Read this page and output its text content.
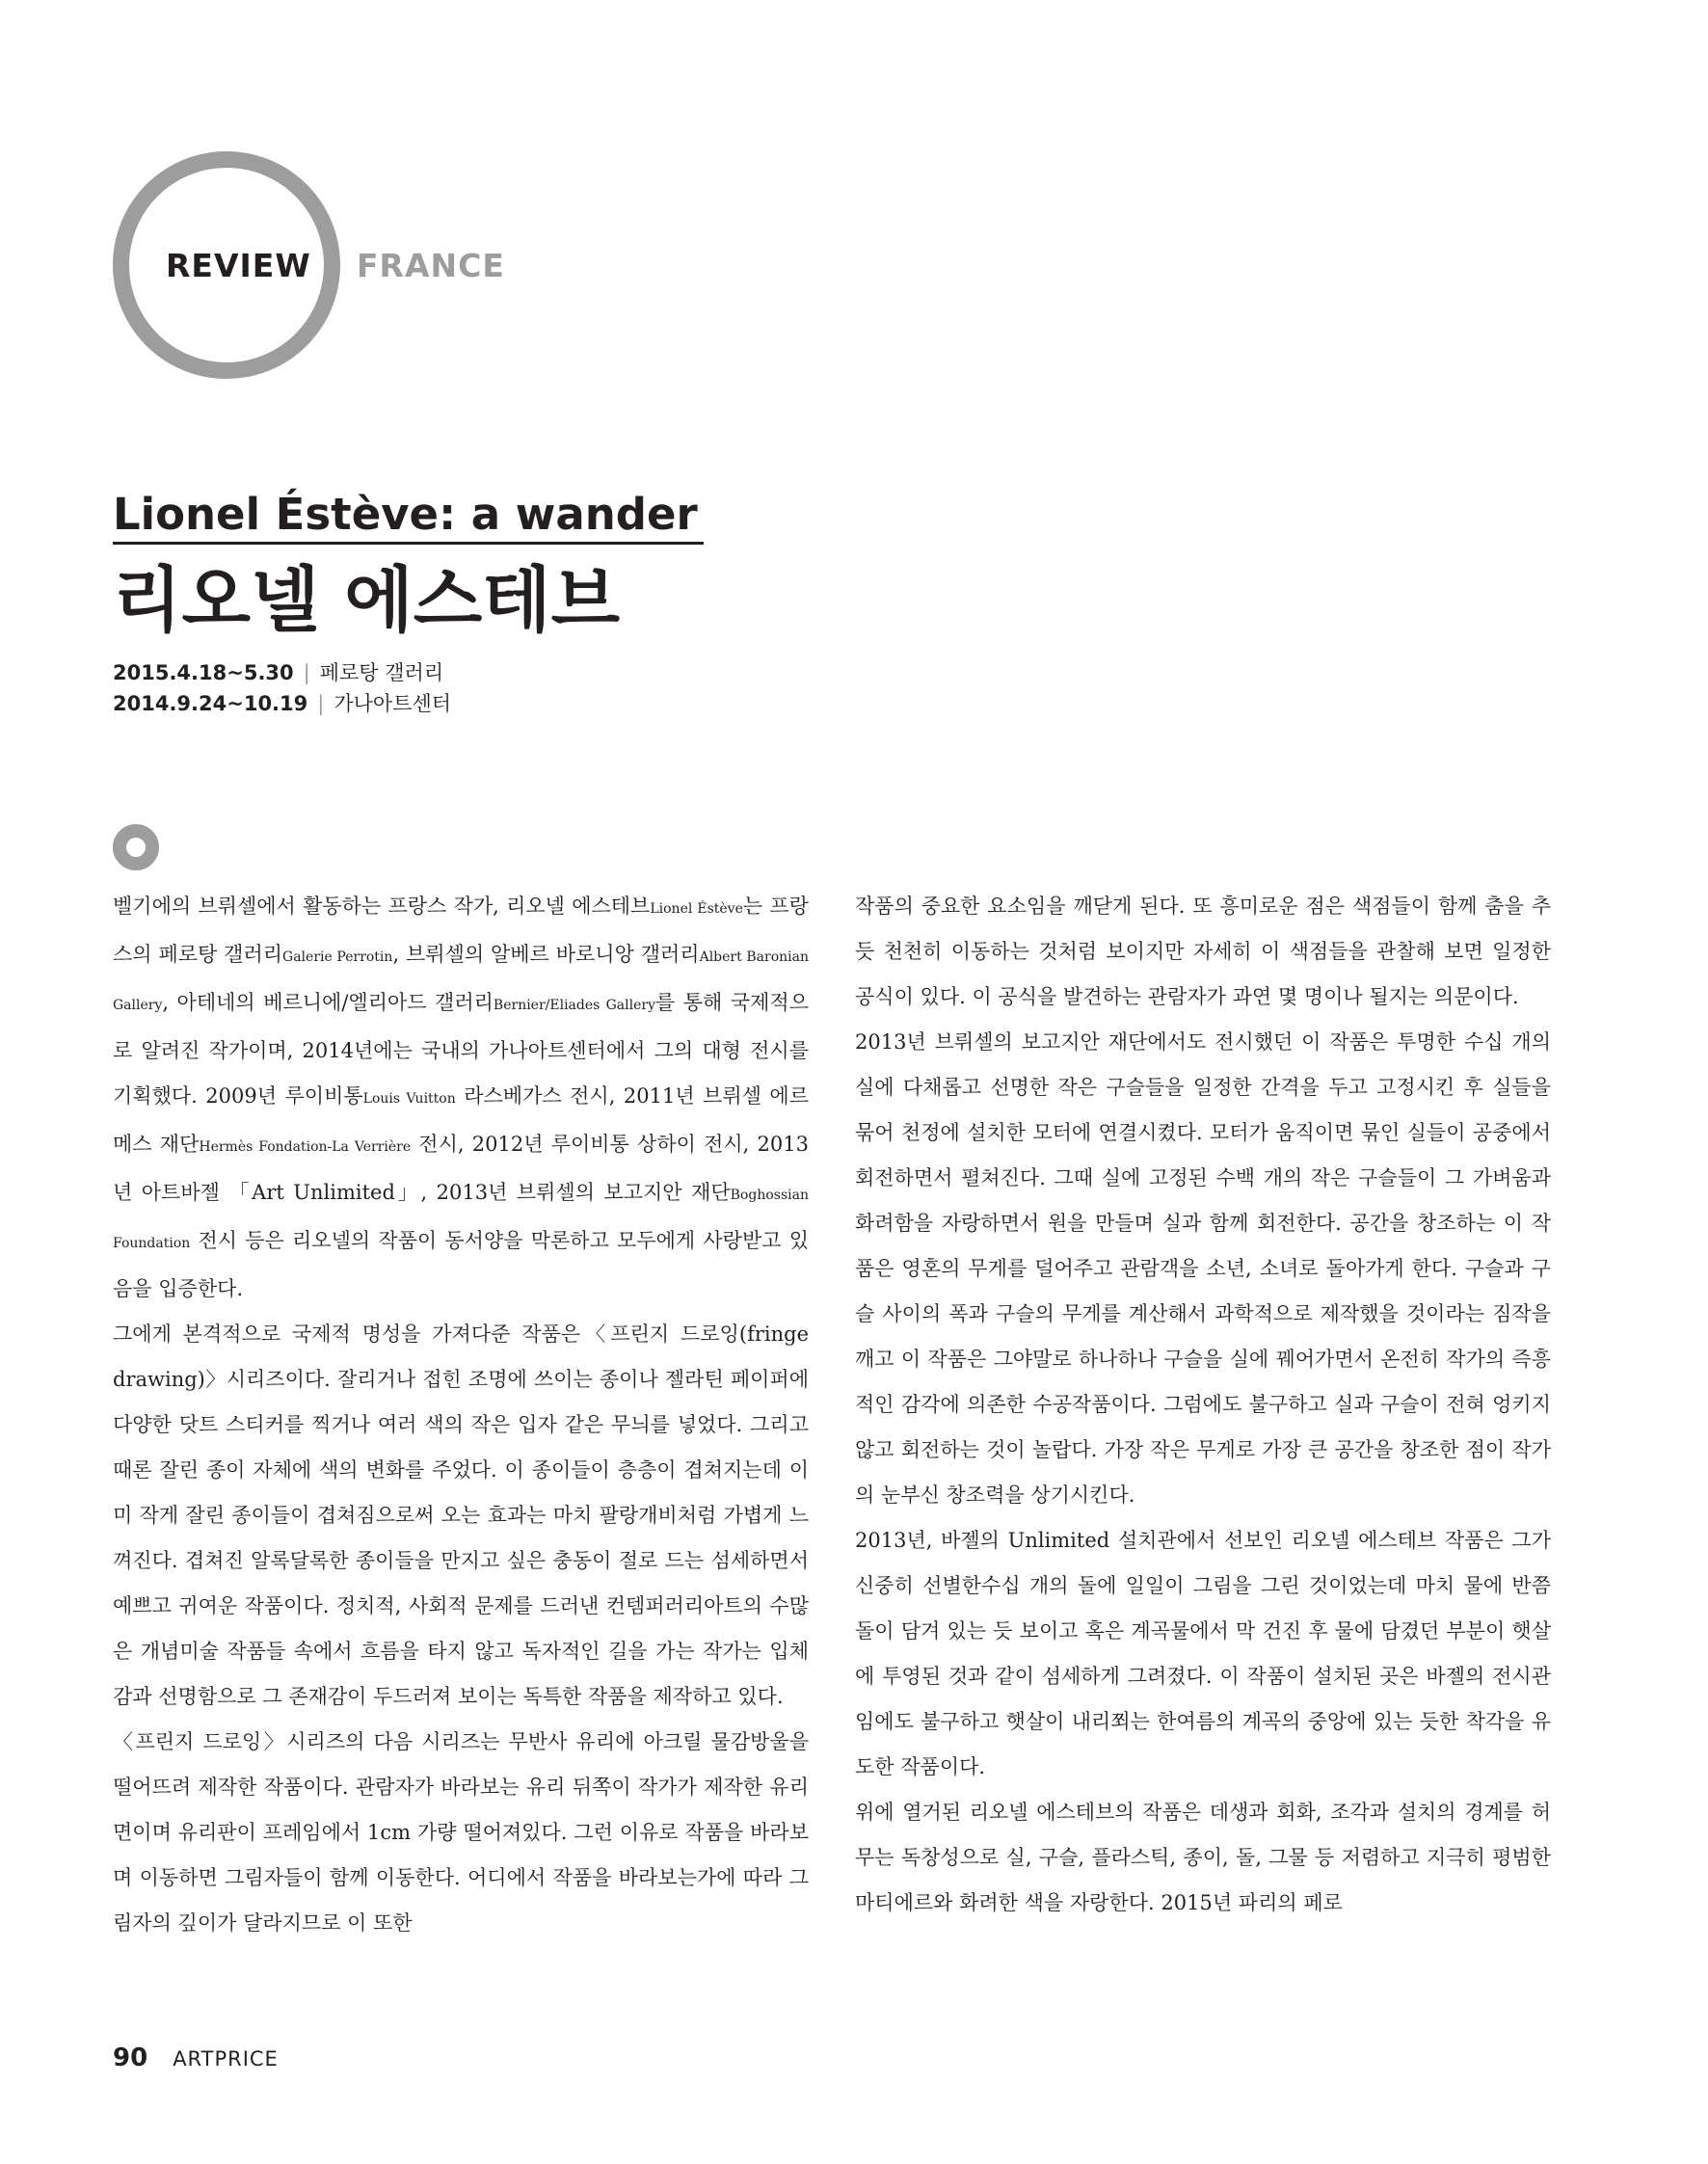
REVIEW FRANCE
Lionel Éstève: a wander
리오넬 에스테브
2015.4.18~5.30 | 페로탕 갤러리
2014.9.24~10.19 | 가나아트센터

벨기에의 브뤼셀에서 활동하는 프랑스 작가, 리오넬 에스테브Lionel Éstève는 프랑스의 페로탕 갤러리Galerie Perrotin, 브뤼셀의 알베르 바로니앙 갤러리Albert Baronian Gallery, 아테네의 베르니에/엘리아드 갤러리Bernier/Eliades Gallery를 통해 국제적으로 알려진 작가이며, 2014년에는 국내의 가나아트센터에서 그의 대형 전시를 기획했다. 2009년 루이비통Louis Vuitton 라스베가스 전시, 2011년 브뤼셀 에르메스 재단Hermès Fondation-La Verrière 전시, 2012년 루이비통 상하이 전시, 2013년 아트바젤 「Art Unlimited」, 2013년 브뤼셀의 보고지안 재단Boghossian Foundation 전시 등은 리오넬의 작품이 동서양을 막론하고 모두에게 사랑받고 있음을 입증한다.

그에게 본격적으로 국제적 명성을 가져다준 작품은〈프린지 드로잉(fringe drawing)〉시리즈이다. 잘리거나 접힌 조명에 쓰이는 종이나 젤라틴 페이퍼에 다양한 닷트 스티커를 찍거나 여러 색의 작은 입자 같은 무늬를 넣었다. 그리고 때론 잘린 종이 자체에 색의 변화를 주었다. 이 종이들이 층층이 겹쳐지는데 이미 작게 잘린 종이들이 겹쳐짐으로써 오는 효과는 마치 팔랑개비처럼 가볍게 느껴진다. 겹쳐진 알록달록한 종이들을 만지고 싶은 충동이 절로 드는 섬세하면서 예쁘고 귀여운 작품이다. 정치적, 사회적 문제를 드러낸 컨템퍼러리아트의 수많은 개념미술 작품들 속에서 흐름을 타지 않고 독자적인 길을 가는 작가는 입체감과 선명함으로 그 존재감이 두드러져 보이는 독특한 작품을 제작하고 있다.

〈프린지 드로잉〉시리즈의 다음 시리즈는 무반사 유리에 아크릴 물감방울을 떨어뜨려 제작한 작품이다. 관람자가 바라보는 유리 뒤쪽이 작가가 제작한 유리면이며 유리판이 프레임에서 1cm 가량 떨어져있다. 그런 이유로 작품을 바라보며 이동하면 그림자들이 함께 이동한다. 어디에서 작품을 바라보는가에 따라 그림자의 깊이가 달라지므로 이 또한

작품의 중요한 요소임을 깨닫게 된다. 또 흥미로운 점은 색점들이 함께 춤을 추듯 천천히 이동하는 것처럼 보이지만 자세히 이 색점들을 관찰해 보면 일정한 공식이 있다. 이 공식을 발견하는 관람자가 과연 몇 명이나 될지는 의문이다.

2013년 브뤼셀의 보고지안 재단에서도 전시했던 이 작품은 투명한 수십 개의 실에 다채롭고 선명한 작은 구슬들을 일정한 간격을 두고 고정시킨 후 실들을 묶어 천정에 설치한 모터에 연결시켰다. 모터가 움직이면 묶인 실들이 공중에서 회전하면서 펼쳐진다. 그때 실에 고정된 수백 개의 작은 구슬들이 그 가벼움과 화려함을 자랑하면서 원을 만들며 실과 함께 회전한다. 공간을 창조하는 이 작품은 영혼의 무게를 덜어주고 관람객을 소년, 소녀로 돌아가게 한다. 구슬과 구슬 사이의 폭과 구슬의 무게를 계산해서 과학적으로 제작했을 것이라는 짐작을 깨고 이 작품은 그야말로 하나하나 구슬을 실에 꿰어가면서 온전히 작가의 즉흥적인 감각에 의존한 수공작품이다. 그럼에도 불구하고 실과 구슬이 전혀 엉키지 않고 회전하는 것이 놀랍다. 가장 작은 무게로 가장 큰 공간을 창조한 점이 작가의 눈부신 창조력을 상기시킨다.

2013년, 바젤의 Unlimited 설치관에서 선보인 리오넬 에스테브 작품은 그가 신중히 선별한수십 개의 돌에 일일이 그림을 그린 것이었는데 마치 물에 반쯤 돌이 담겨 있는 듯 보이고 혹은 계곡물에서 막 건진 후 물에 담겼던 부분이 햇살에 투영된 것과 같이 섬세하게 그려졌다. 이 작품이 설치된 곳은 바젤의 전시관임에도 불구하고 햇살이 내리쬐는 한여름의 계곡의 중앙에 있는 듯한 착각을 유도한 작품이다.

위에 열거된 리오넬 에스테브의 작품은 데생과 회화, 조각과 설치의 경계를 허무는 독창성으로 실, 구슬, 플라스틱, 종이, 돌, 그물 등 저렴하고 지극히 평범한 마티에르와 화려한 색을 자랑한다. 2015년 파리의 페로

90 ARTPRICE
